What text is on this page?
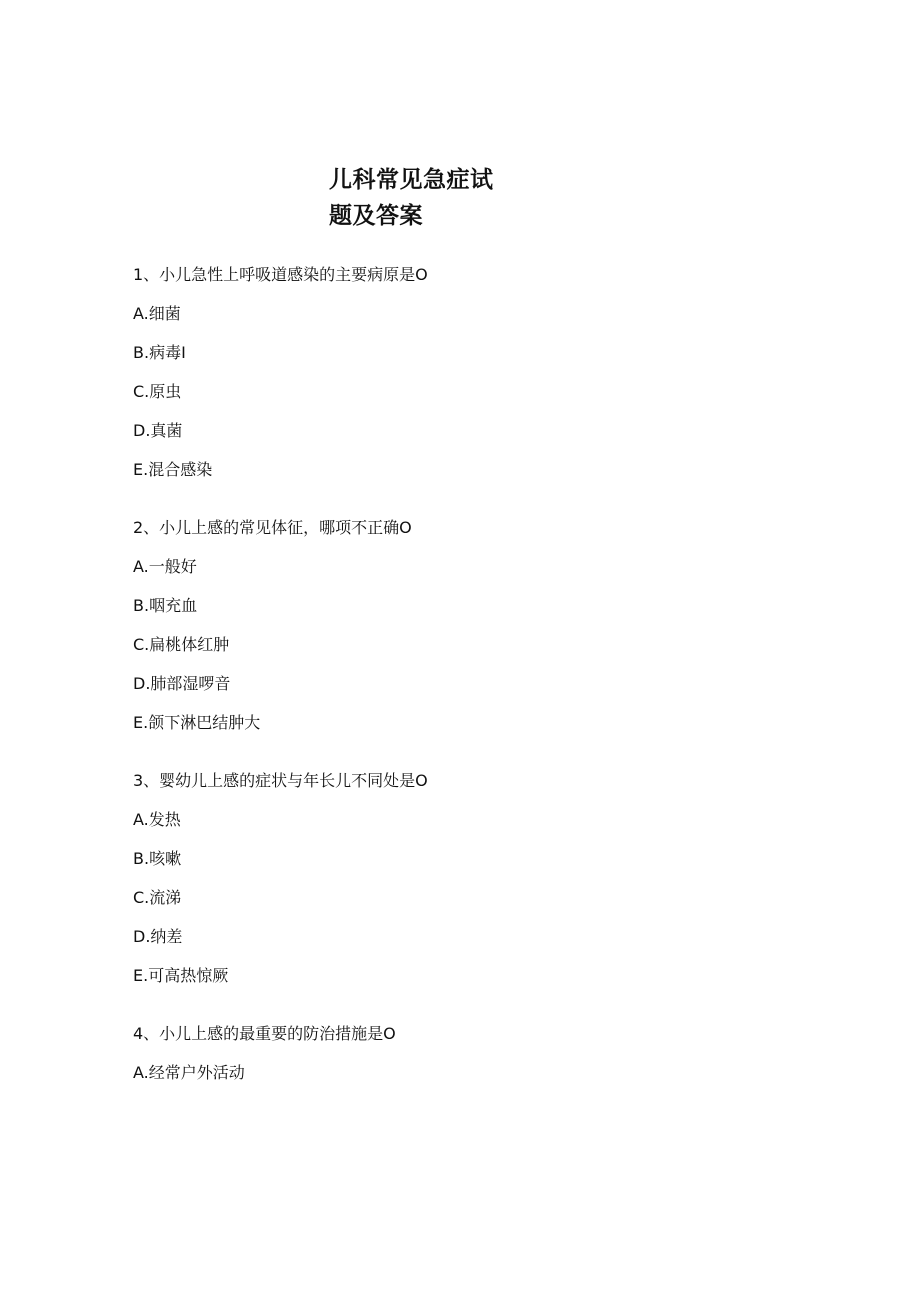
儿科常见急症试
题及答案
1、小儿急性上呼吸道感染的主要病原是O
A.细菌
B.病毒I
C.原虫
D.真菌
E.混合感染
2、小儿上感的常见体征，哪项不正确O
A.一般好
B.咽充血
C.扁桃体红肿
D.肺部湿啰音
E.颌下淋巴结肿大
3、婴幼儿上感的症状与年长儿不同处是O
A.发热
B.咳嗽
C.流涕
D.纳差
E.可高热惊厥
4、小儿上感的最重要的防治措施是O
A.经常户外活动
